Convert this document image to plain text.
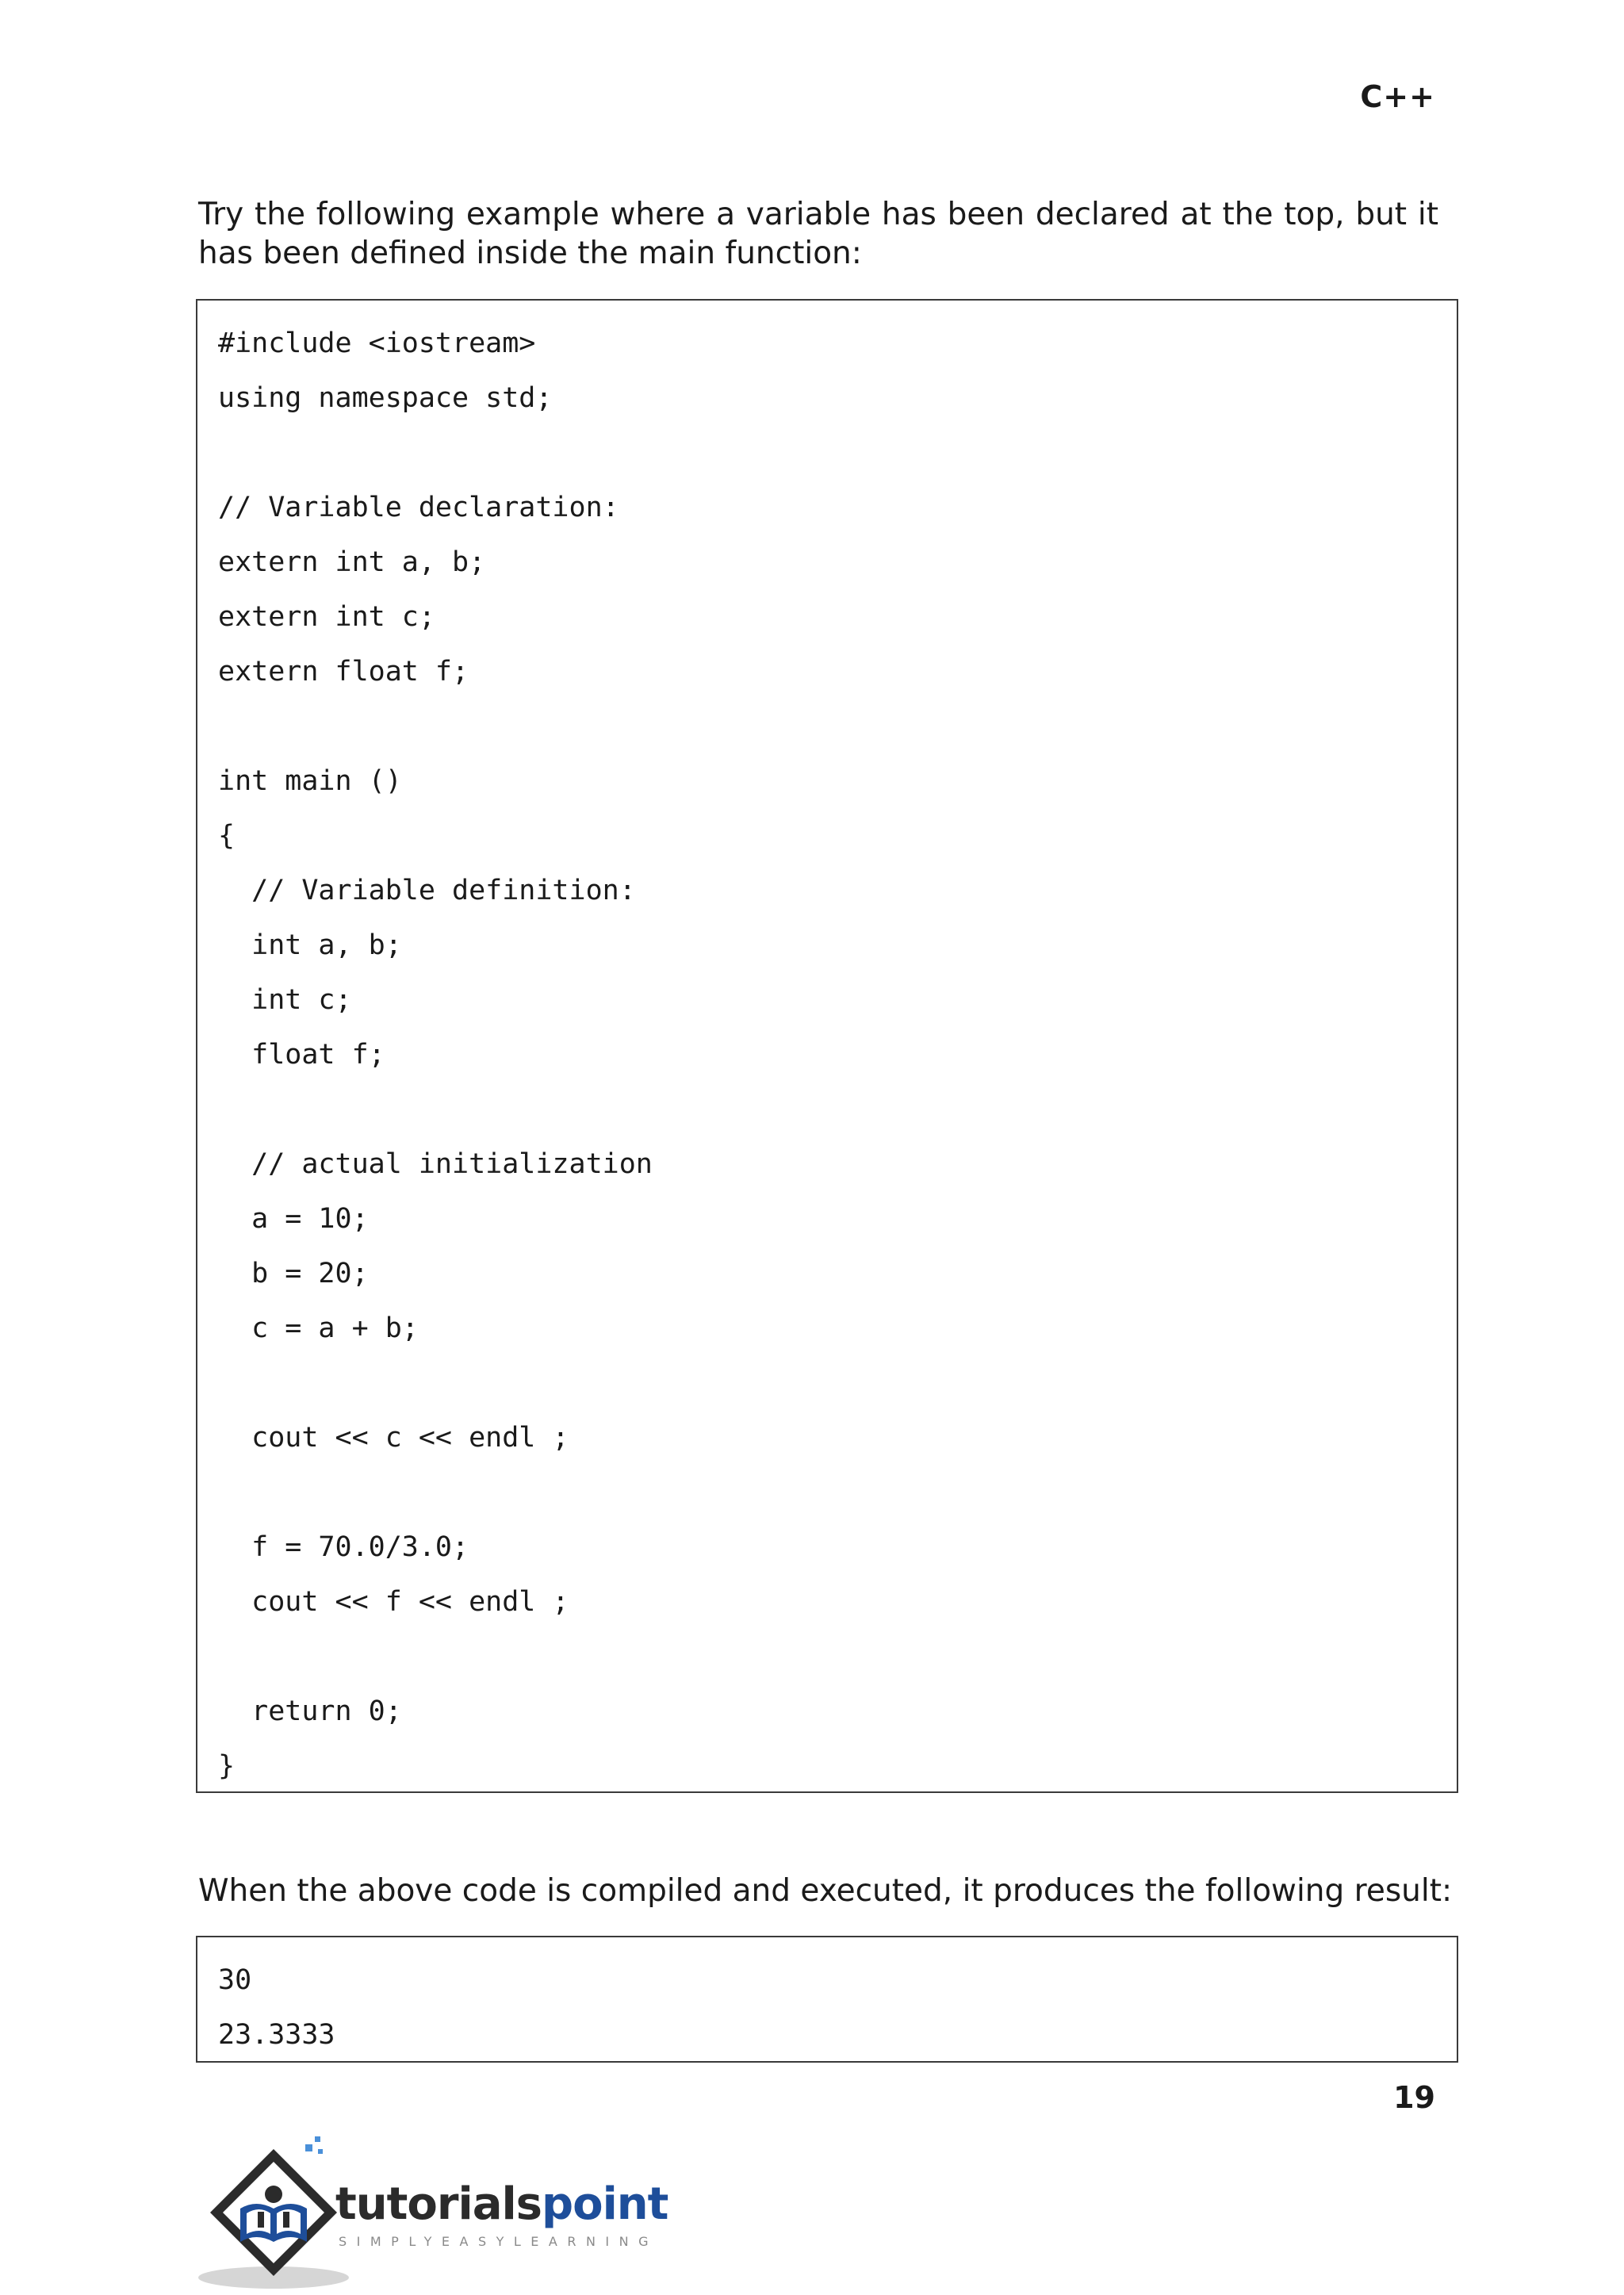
C++

Try the following example where a variable has been declared at the top, but it has been defined inside the main function:

#include <iostream>
using namespace std;
// Variable declaration:
extern int a, b;
extern int c;
extern float f;
int main ()
{
// Variable definition:
int a, b;
int c;
float f;
// actual initialization
a = 10;
b = 20;
c = a + b;
cout << c << endl ;
f = 70.0/3.0;
cout << f << endl ;
return 0;
}

When the above code is compiled and executed, it produces the following result:

30
23.3333
19
tutorialspoint
SIMPLYEASYLEARNING
